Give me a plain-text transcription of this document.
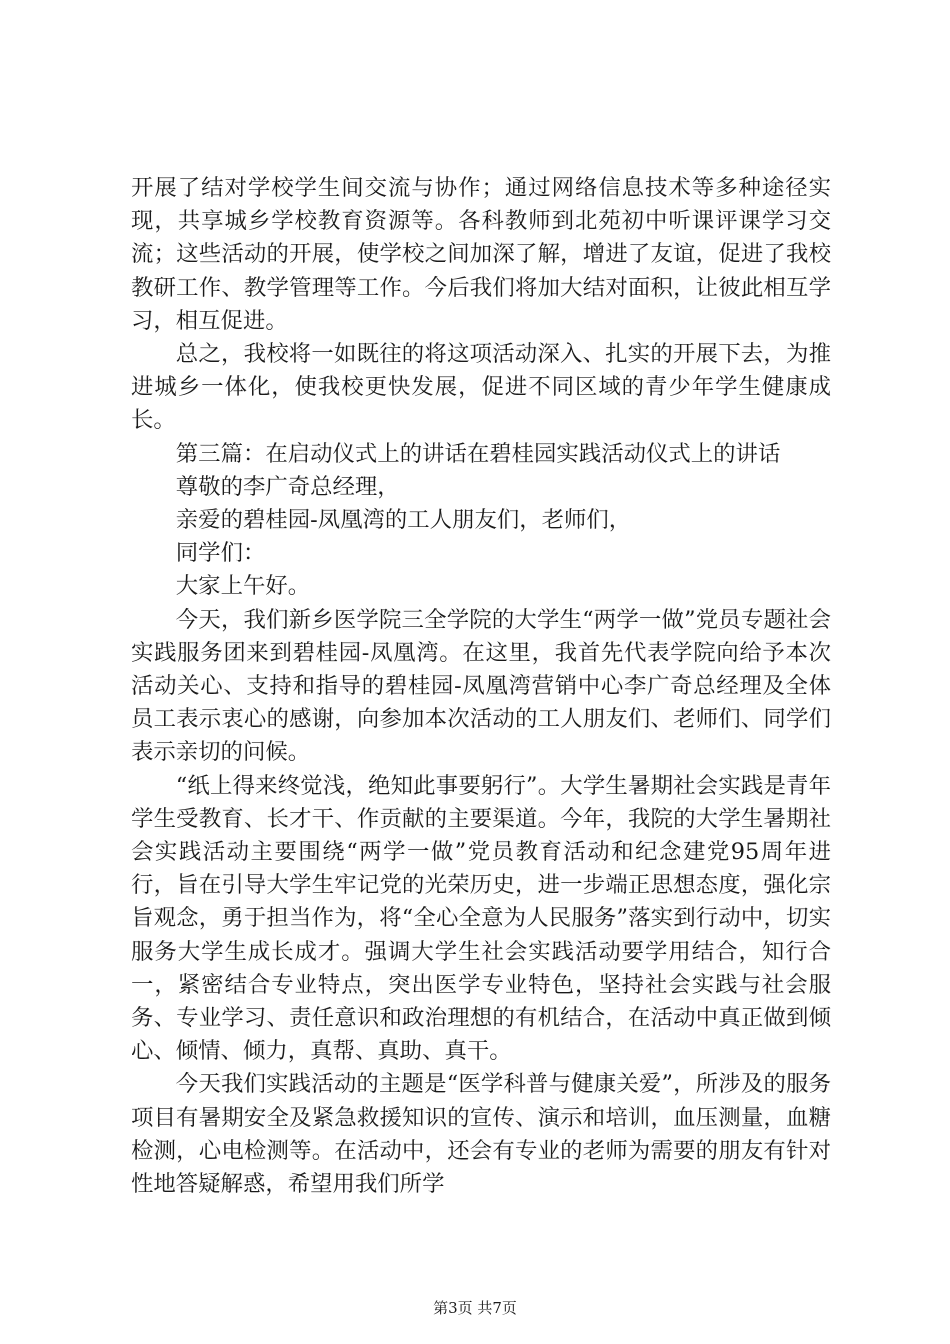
开展了结对学校学生间交流与协作；通过网络信息技术等多种途径实现，共享城乡学校教育资源等。各科教师到北苑初中听课评课学习交流；这些活动的开展，使学校之间加深了解，增进了友谊，促进了我校教研工作、教学管理等工作。今后我们将加大结对面积，让彼此相互学习，相互促进。

总之，我校将一如既往的将这项活动深入、扎实的开展下去，为推进城乡一体化，使我校更快发展，促进不同区域的青少年学生健康成长。

第三篇：在启动仪式上的讲话在碧桂园实践活动仪式上的讲话

尊敬的李广奇总经理，

亲爱的碧桂园-凤凰湾的工人朋友们，老师们，

同学们：

大家上午好。

今天，我们新乡医学院三全学院的大学生“两学一做”党员专题社会实践服务团来到碧桂园-凤凰湾。在这里，我首先代表学院向给予本次活动关心、支持和指导的碧桂园-凤凰湾营销中心李广奇总经理及全体员工表示衷心的感谢，向参加本次活动的工人朋友们、老师们、同学们表示亲切的问候。

“纸上得来终觉浅，绝知此事要躬行”。大学生暑期社会实践是青年学生受教育、长才干、作贡献的主要渠道。今年，我院的大学生暑期社会实践活动主要围绕“两学一做”党员教育活动和纪念建党95周年进行，旨在引导大学生牢记党的光荣历史，进一步端正思想态度，强化宗旨观念，勇于担当作为，将“全心全意为人民服务”落实到行动中，切实服务大学生成长成才。强调大学生社会实践活动要学用结合，知行合一，紧密结合专业特点，突出医学专业特色，坚持社会实践与社会服务、专业学习、责任意识和政治理想的有机结合，在活动中真正做到倾心、倾情、倾力，真帮、真助、真干。

今天我们实践活动的主题是“医学科普与健康关爱”，所涉及的服务项目有暑期安全及紧急救援知识的宣传、演示和培训，血压测量，血糖检测，心电检测等。在活动中，还会有专业的老师为需要的朋友有针对性地答疑解惑，希望用我们所学

第3页 共7页
